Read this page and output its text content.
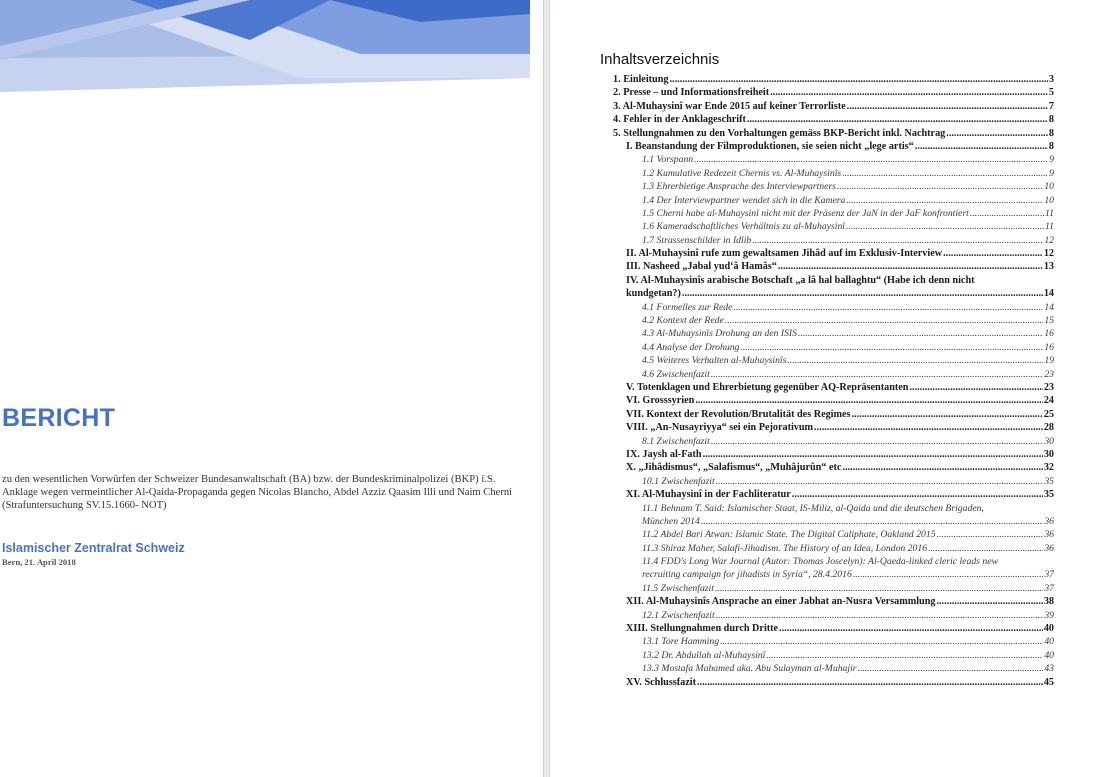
BERICHT
zu den wesentlichen Vorwürfen der Schweizer Bundesanwaltschaft (BA) bzw. der Bundeskriminalpolizei (BKP) i.S. Anklage wegen vermeintlicher Al-Qaida-Propaganda gegen Nicolas Blancho, Abdel Azziz Qaasim Illi und Naim Cherni (Strafuntersuchung SV.15.1660- NOT)
Islamischer Zentralrat Schweiz
Bern, 21. April 2018
Inhaltsverzeichnis
1. Einleitung .....	3
2. Presse – und Informationsfreiheit .....	5
3. Al-Muhaysinî war Ende 2015 auf keiner Terrorliste .....	7
4. Fehler in der Anklageschrift .....	8
5. Stellungnahmen zu den Vorhaltungen gemäss BKP-Bericht inkl. Nachtrag .....	8
I. Beanstandung der Filmproduktionen, sie seien nicht „lege artis“ .....	8
1.1 Vorspann .....	9
1.2 Kumulative Redezeit Chernis vs. Al-Muhaysinîs .....	9
1.3 Ehrerbietige Ansprache des Interviewpartners .....	10
1.4 Der Interviewpartner wendet sich in die Kamera .....	10
1.5 Cherni habe al-Muhaysinî nicht mit der Präsenz der JaN in der JaF konfrontiert .....	11
1.6 Kameradschaftliches Verhältnis zu al-Muhaysinî .....	11
1.7 Strassenschilder in Idlib .....	12
II. Al-Muhaysinî rufe zum gewaltsamen Jihâd auf im Exklusiv-Interview .....	12
III. Nasheed „Jabal yud‘â Hamâs“ .....	13
IV. Al-Muhaysinîs arabische Botschaft „a lâ hal ballaghtu“ (Habe ich denn nicht
kundgetan?) .....	14
4.1 Formelles zur Rede .....	14
4.2 Kontext der Rede .....	15
4.3 Al-Muhaysinîs Drohung an den ISIS .....	16
4.4 Analyse der Drohung .....	16
4.5 Weiteres Verhalten al-Muhaysinîs .....	19
4.6 Zwischenfazit .....	23
V. Totenklagen und Ehrerbietung gegenüber AQ-Repräsentanten .....	23
VI. Grosssyrien .....	24
VII. Kontext der Revolution/Brutalität des Regimes .....	25
VIII. „An-Nusayriyya“ sei ein Pejorativum .....	28
8.1 Zwischenfazit .....	30
IX. Jaysh al-Fath .....	30
X. „Jihâdismus“, „Salafismus“, „Muhâjurûn“ etc .....	32
10.1 Zwischenfazit .....	35
XI. Al-Muhaysinî in der Fachliteratur .....	35
11.1 Behnam T. Said: Islamischer Staat, IS-Miliz, al-Qaida und die deutschen Brigaden,
München 2014 .....	36
11.2 Abdel Bari Atwan: Islamic State. The Digital Caliphate, Oakland 2015 .....	36
11.3 Shiraz Maher, Salafi-Jihadism. The History of an Idea, London 2016 .....	36
11.4 FDD's Long War Journal (Autor: Thomas Joscelyn): Al-Qaeda-linked cleric leads new
recruiting campaign for jihadists in Syria“, 28.4.2016 .....	37
11.5 Zwischenfazit .....	37
XII. Al-Muhaysinîs Ansprache an einer Jabhat an-Nusra Versammlung .....	38
12.1 Zwischenfazit .....	39
XIII. Stellungnahmen durch Dritte .....	40
13.1 Tore Hamming .....	40
13.2 Dr. Abdullah al-Muhaysinî .....	40
13.3 Mostafa Mahamed aka. Abu Sulayman al-Muhajir .....	43
XV. Schlussfazit .....	45
